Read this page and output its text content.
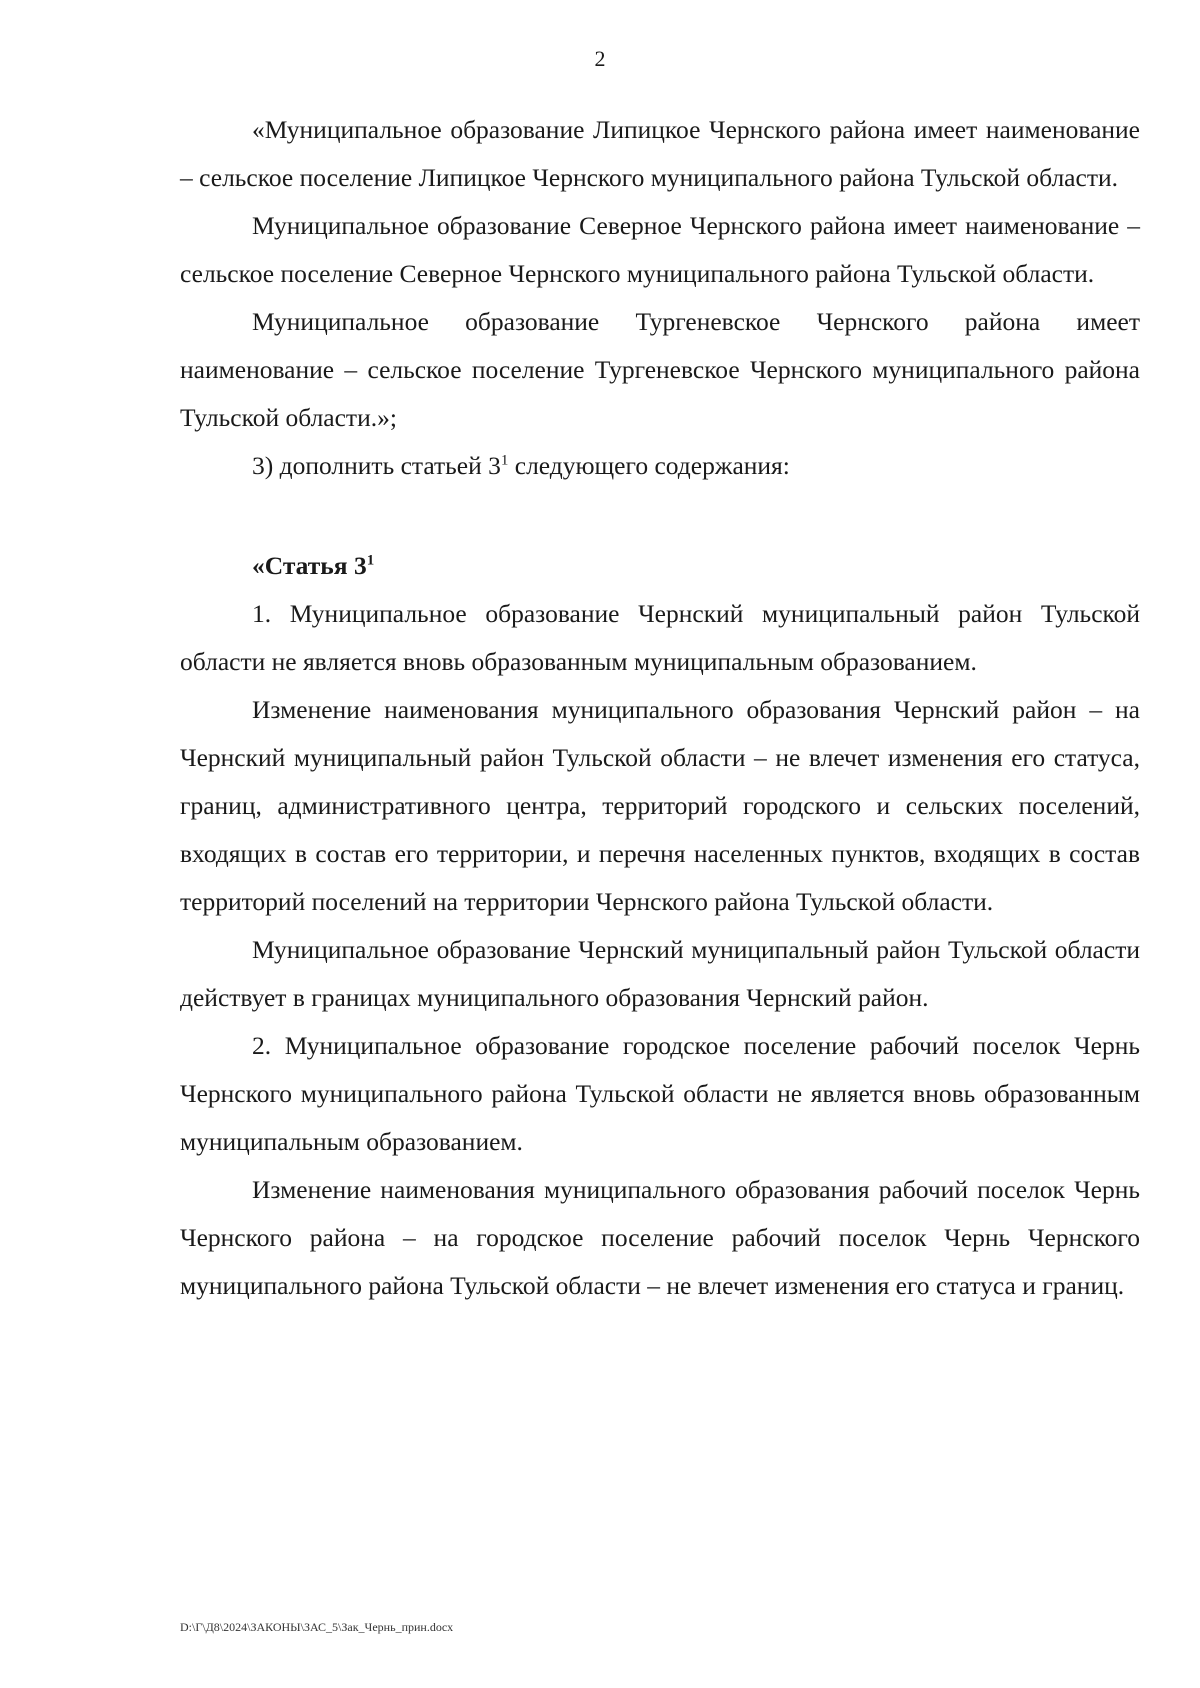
2

«Муниципальное образование Липицкое Чернского района имеет наименование – сельское поселение Липицкое Чернского муниципального района Тульской области.

Муниципальное образование Северное Чернского района имеет наименование – сельское поселение Северное Чернского муниципального района Тульской области.

Муниципальное образование Тургеневское Чернского района имеет наименование – сельское поселение Тургеневское Чернского муниципального района Тульской области.»;

3) дополнить статьей $3^1$ следующего содержания:

«Статья $3^1$

1. Муниципальное образование Чернский муниципальный район Тульской области не является вновь образованным муниципальным образованием.

Изменение наименования муниципального образования Чернский район – на Чернский муниципальный район Тульской области – не влечет изменения его статуса, границ, административного центра, территорий городского и сельских поселений, входящих в состав его территории, и перечня населенных пунктов, входящих в состав территорий поселений на территории Чернского района Тульской области.

Муниципальное образование Чернский муниципальный район Тульской области действует в границах муниципального образования Чернский район.

2. Муниципальное образование городское поселение рабочий поселок Чернь Чернского муниципального района Тульской области не является вновь образованным муниципальным образованием.

Изменение наименования муниципального образования рабочий поселок Чернь Чернского района – на городское поселение рабочий поселок Чернь Чернского муниципального района Тульской области – не влечет изменения его статуса и границ.

D:\Г\Д8\2024\ЗАКОНЫ\ЗАС_5\Зак_Чернь_прин.docx
